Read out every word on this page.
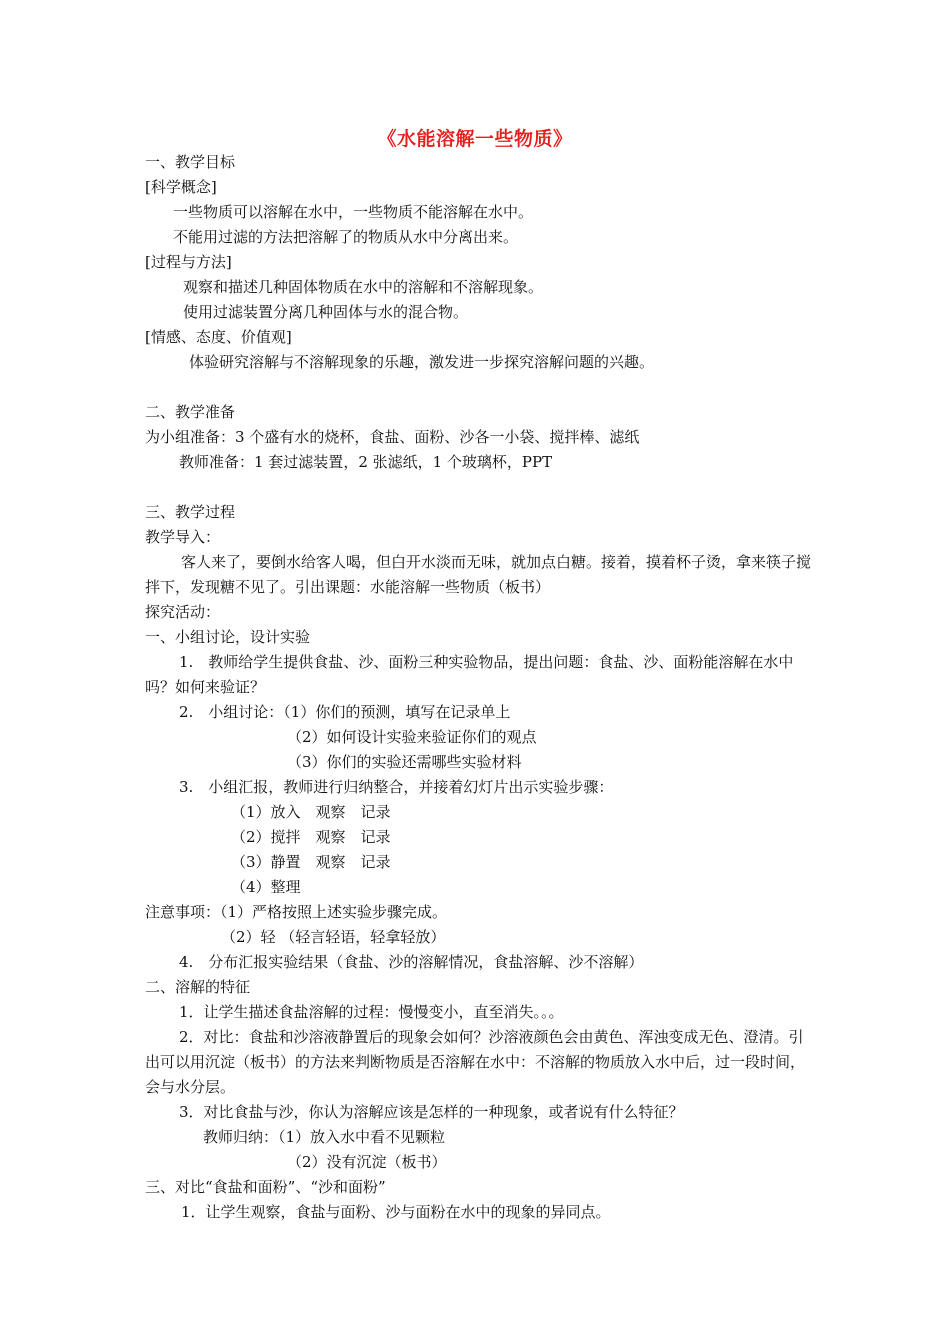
《水能溶解一些物质》

一、教学目标

[科学概念]

一些物质可以溶解在水中，一些物质不能溶解在水中。

不能用过滤的方法把溶解了的物质从水中分离出来。

[过程与方法]

观察和描述几种固体物质在水中的溶解和不溶解现象。

使用过滤装置分离几种固体与水的混合物。

[情感、态度、价值观]

体验研究溶解与不溶解现象的乐趣，激发进一步探究溶解问题的兴趣。

二、教学准备

为小组准备：3 个盛有水的烧杯，食盐、面粉、沙各一小袋、搅拌棒、滤纸

教师准备：1 套过滤装置，2 张滤纸，1 个玻璃杯，PPT

三、教学过程

教学导入：

客人来了，要倒水给客人喝，但白开水淡而无味，就加点白糖。接着，摸着杯子烫，拿来筷子搅拌下，发现糖不见了。引出课题：水能溶解一些物质（板书）

探究活动：

一、小组讨论，设计实验

1.　教师给学生提供食盐、沙、面粉三种实验物品，提出问题：食盐、沙、面粉能溶解在水中吗？如何来验证？

2.　小组讨论：（1）你们的预测，填写在记录单上

（2）如何设计实验来验证你们的观点

（3）你们的实验还需哪些实验材料

3.　小组汇报，教师进行归纳整合，并接着幻灯片出示实验步骤：

（1）放入　观察　记录

（2）搅拌　观察　记录

（3）静置　观察　记录

（4）整理

注意事项：（1）严格按照上述实验步骤完成。

（2）轻 （轻言轻语，轻拿轻放）

4.　分布汇报实验结果（食盐、沙的溶解情况，食盐溶解、沙不溶解）

二、溶解的特征

1．让学生描述食盐溶解的过程：慢慢变小，直至消失。。。

2．对比：食盐和沙溶液静置后的现象会如何？沙溶液颜色会由黄色、浑浊变成无色、澄清。引出可以用沉淀（板书）的方法来判断物质是否溶解在水中：不溶解的物质放入水中后，过一段时间，会与水分层。

3．对比食盐与沙，你认为溶解应该是怎样的一种现象，或者说有什么特征？

教师归纳：（1）放入水中看不见颗粒

（2）没有沉淀（板书）

三、对比“食盐和面粉”、“沙和面粉”

1．让学生观察，食盐与面粉、沙与面粉在水中的现象的异同点。
